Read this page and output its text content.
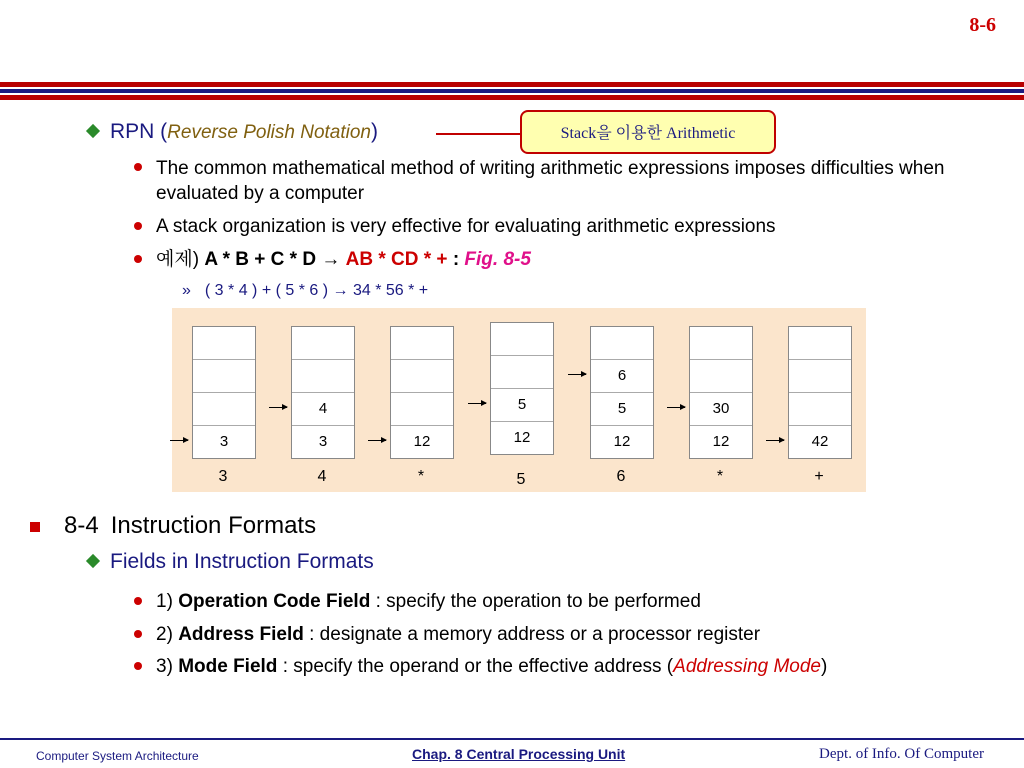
8-6
RPN (Reverse Polish Notation)	Stack을 이용한 Arithmetic
The common mathematical method of writing arithmetic expressions imposes difficulties when evaluated by a computer
A stack organization is very effective for evaluating arithmetic expressions
예제) A * B + C * D → AB * CD * + : Fig. 8-5
» ( 3 * 4 ) + ( 5 * 6 ) → 34 * 56 * +
3
3
4
3
4
12
*
5
12
5
6
5
12
6
30
12
*
42
+
8-4 Instruction Formats
Fields in Instruction Formats
1) Operation Code Field : specify the operation to be performed
2) Address Field : designate a memory address or a processor register
3) Mode Field : specify the operand or the effective address (Addressing Mode)
Computer System Architecture	Chap. 8 Central Processing Unit	Dept. of Info. Of Computer
